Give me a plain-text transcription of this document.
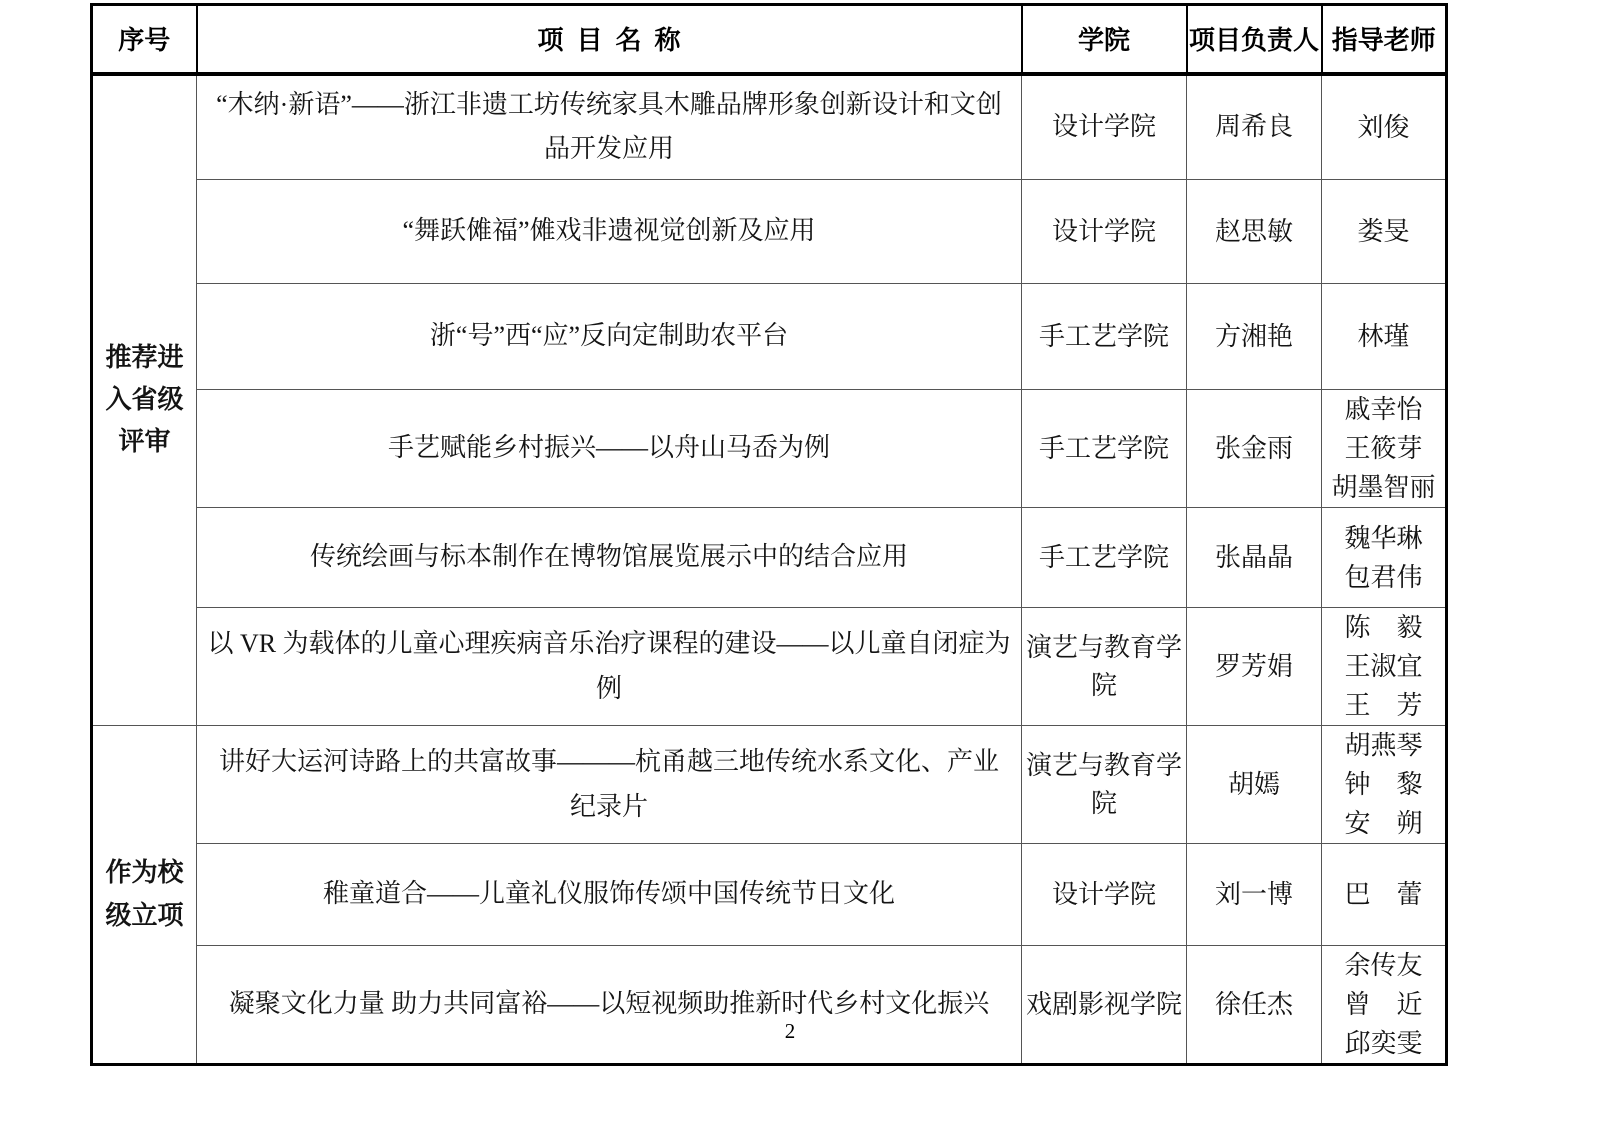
序号	项  目  名  称	学院	项目负责人	指导老师
推荐进入省级评审	“木纳·新语”——浙江非遗工坊传统家具木雕品牌形象创新设计和文创品开发应用	设计学院	周希良	刘俊

	“舞跃傩福”傩戏非遗视觉创新及应用	设计学院	赵思敏	娄旻

	浙“号”西“应”反向定制助农平台	手工艺学院	方湘艳	林瑾

	手艺赋能乡村振兴——以舟山马岙为例	手工艺学院	张金雨	戚幸怡
王筱芽
胡墨智丽

	传统绘画与标本制作在博物馆展览展示中的结合应用	手工艺学院	张晶晶	魏华琳
包君伟

	以 VR 为载体的儿童心理疾病音乐治疗课程的建设——以儿童自闭症为例	演艺与教育学院	罗芳娟	陈    毅
王淑宜
王    芳

作为校级立项	讲好大运河诗路上的共富故事———杭甬越三地传统水系文化、产业纪录片	演艺与教育学院	胡嫣	胡燕琴
钟    黎
安    朔

	稚童道合——儿童礼仪服饰传颂中国传统节日文化	设计学院	刘一博	巴    蕾

	凝聚文化力量 助力共同富裕——以短视频助推新时代乡村文化振兴	戏剧影视学院	徐任杰	余传友
曾    近
邱奕雯
2
